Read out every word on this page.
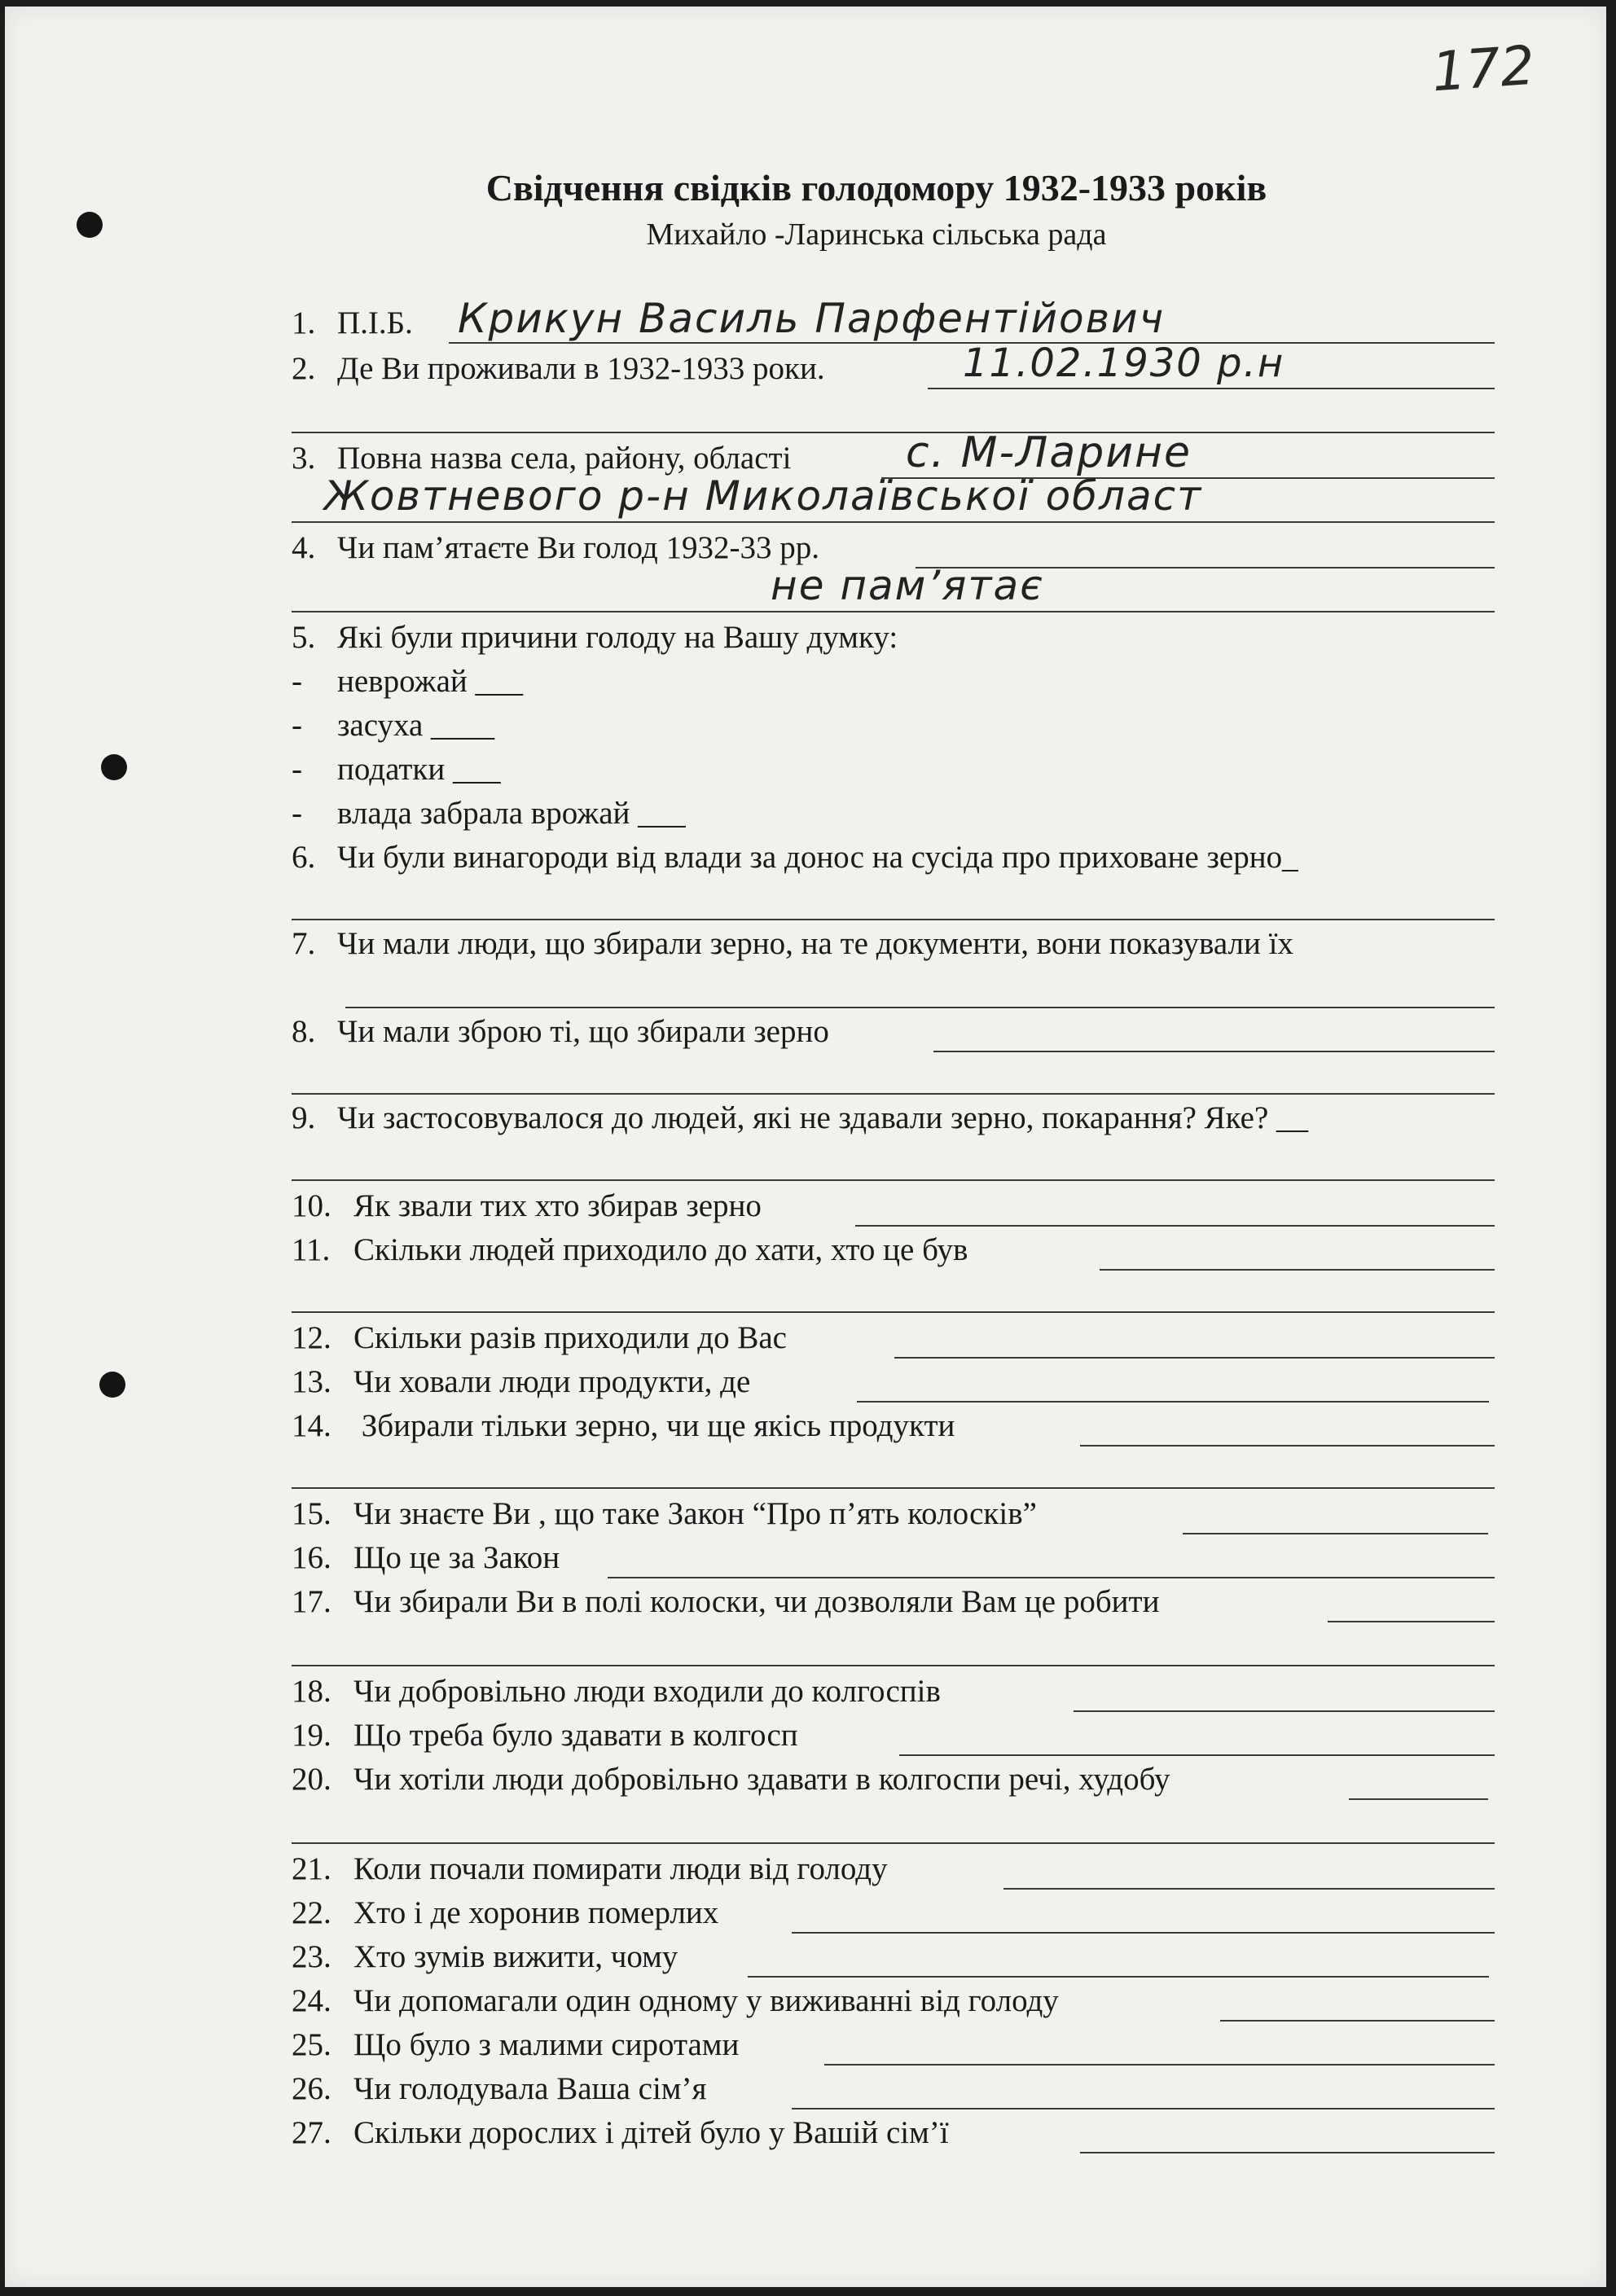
172
Свідчення свідків голодомору 1932-1933 років
Михайло -Ларинська сільська рада
1. П.І.Б. Крикун Василь Парфентійович
2. Де Ви проживали в 1932-1933 роки.	11.02.1930 р.н
3. Повна назва села, району, області	с. М-Ларине
Жовтневого р-н Миколаївської област
4. Чи пам’ятаєте Ви голод 1932-33 рр.
не пам’ятає
5. Які були причини голоду на Вашу думку:
- неврожай ___
- засуха ____
- податки ___
- влада забрала врожай ___
6. Чи були винагороди від влади за донос на сусіда про приховане зерно_
7. Чи мали люди, що збирали зерно, на те документи, вони показували їх
8. Чи мали зброю ті, що збирали зерно
9. Чи застосовувалося до людей, які не здавали зерно, покарання? Яке? __
10. Як звали тих хто збирав зерно
11. Скільки людей приходило до хати, хто це був
12. Скільки разів приходили до Вас
13. Чи ховали люди продукти, де
14. Збирали тільки зерно, чи ще якісь продукти
15. Чи знаєте Ви , що таке Закон “Про п’ять колосків”
16. Що це за Закон
17. Чи збирали Ви в полі колоски, чи дозволяли Вам це робити
18. Чи добровільно люди входили до колгоспів
19. Що треба було здавати в колгосп
20. Чи хотіли люди добровільно здавати в колгоспи речі, худобу
21. Коли почали помирати люди від голоду
22. Хто і де хоронив померлих
23. Хто зумів вижити, чому
24. Чи допомагали один одному у виживанні від голоду
25. Що було з малими сиротами
26. Чи голодувала Ваша сім’я
27. Скільки дорослих і дітей було у Вашій сім’ї
